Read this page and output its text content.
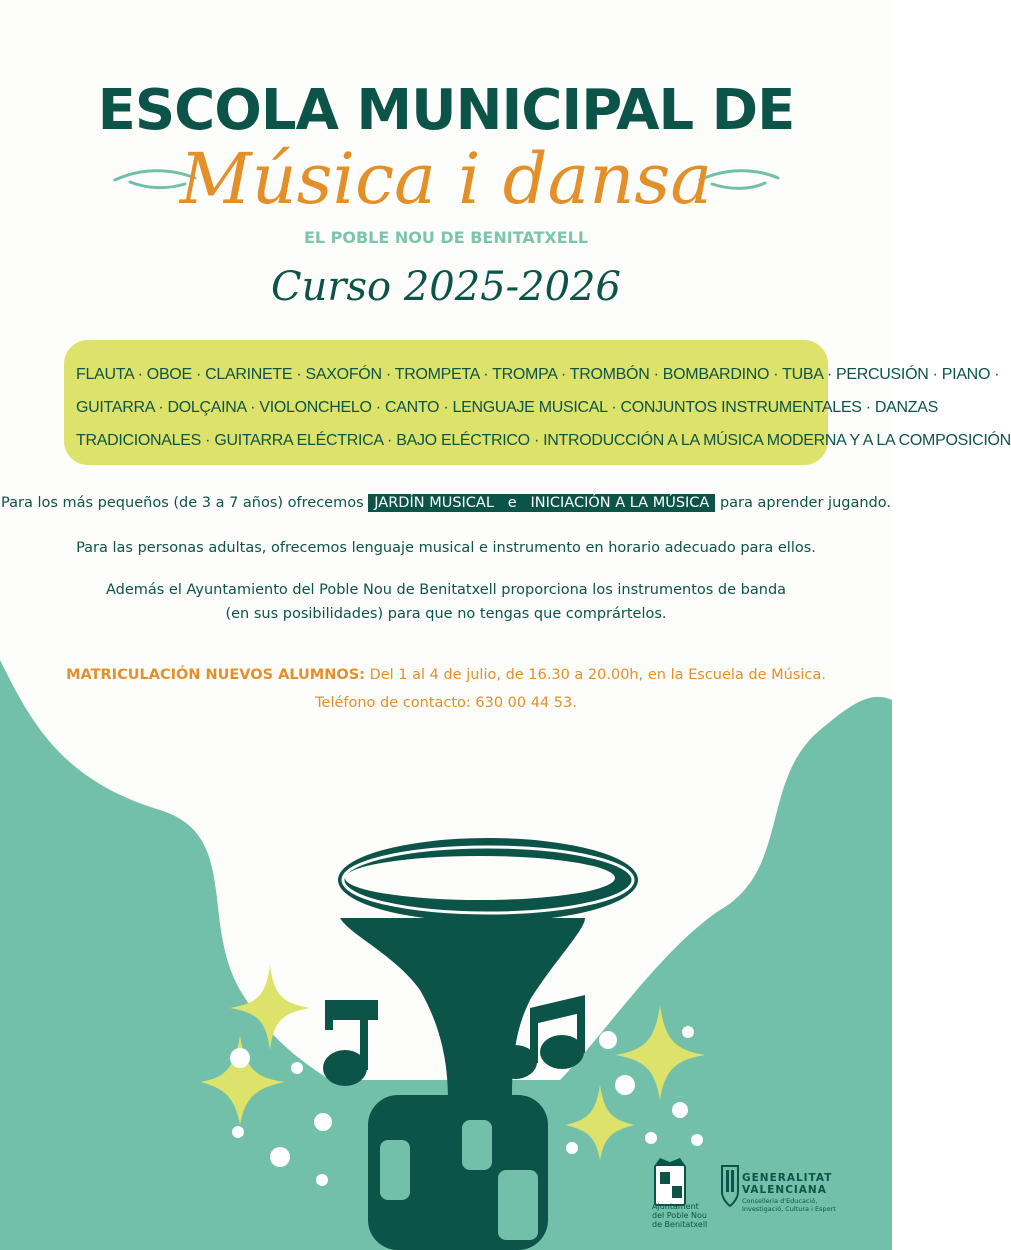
ESCOLA MUNICIPAL DE
Música i dansa
EL POBLE NOU DE BENITATXELL
Curso 2025-2026
FLAUTA · OBOE · CLARINETE · SAXOFÓN · TROMPETA · TROMPA · TROMBÓN · BOMBARDINO · TUBA · PERCUSIÓN · PIANO ·
GUITARRA · DOLÇAINA · VIOLONCHELO · CANTO · LENGUAJE MUSICAL · CONJUNTOS INSTRUMENTALES · DANZAS
TRADICIONALES · GUITARRA ELÉCTRICA · BAJO ELÉCTRICO · INTRODUCCIÓN A LA MÚSICA MODERNA Y A LA COMPOSICIÓN
Para los más pequeños (de 3 a 7 años) ofrecemos JARDÍN MUSICAL   e   INICIACIÓN A LA MÚSICA para aprender jugando.
Para las personas adultas, ofrecemos lenguaje musical e instrumento en horario adecuado para ellos.
Además el Ayuntamiento del Poble Nou de Benitatxell proporciona los instrumentos de banda
(en sus posibilidades) para que no tengas que comprártelos.
MATRICULACIÓN NUEVOS ALUMNOS: Del 1 al 4 de julio, de 16.30 a 20.00h, en la Escuela de Música.
Teléfono de contacto: 630 00 44 53.
Ajuntament del Poble Nou de Benitatxell
GENERALITAT
VALENCIANA
Conselleria d'Educació, Investigació, Cultura i Esport
